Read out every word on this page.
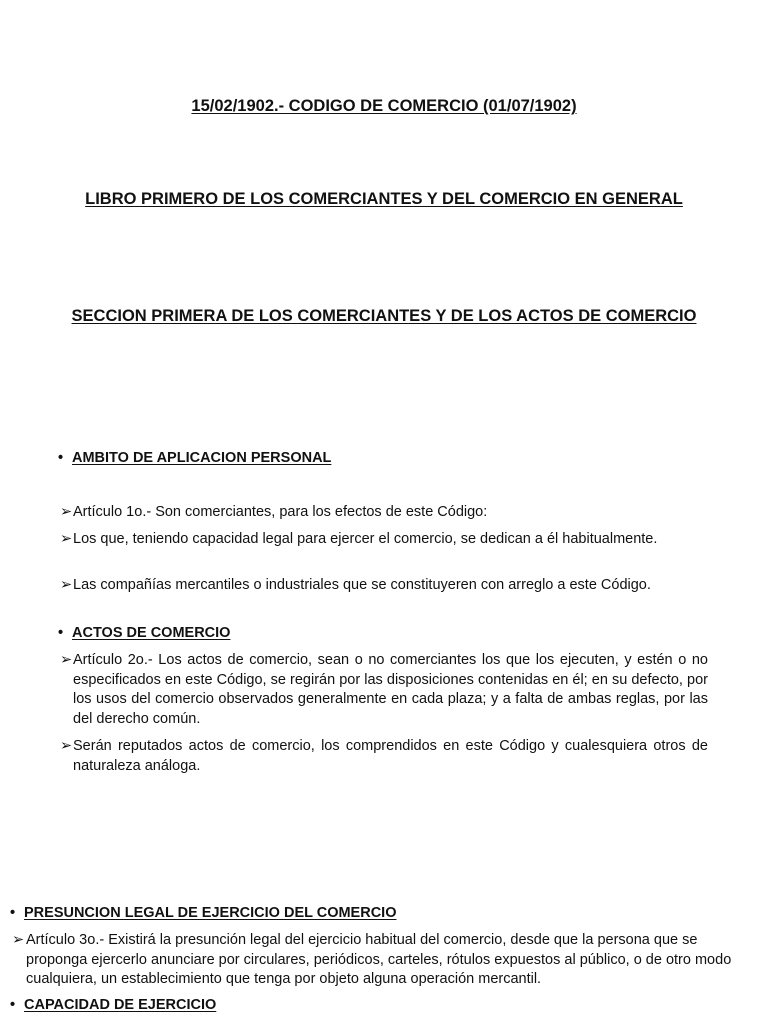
15/02/1902.- CODIGO DE COMERCIO (01/07/1902)
LIBRO PRIMERO DE LOS COMERCIANTES Y DEL COMERCIO EN GENERAL
SECCION PRIMERA DE LOS COMERCIANTES Y DE LOS ACTOS DE COMERCIO
• AMBITO DE APLICACION PERSONAL
➢ Artículo 1o.- Son comerciantes, para los efectos de este Código:
➢ Los que, teniendo capacidad legal para ejercer el comercio, se dedican a él habitualmente.
➢ Las compañías mercantiles o industriales que se constituyeren con arreglo a este Código.
• ACTOS DE COMERCIO
➢ Artículo 2o.- Los actos de comercio, sean o no comerciantes los que los ejecuten, y estén o no especificados en este Código, se regirán por las disposiciones contenidas en él; en su defecto, por los usos del comercio observados generalmente en cada plaza; y a falta de ambas reglas, por las del derecho común.
➢ Serán reputados actos de comercio, los comprendidos en este Código y cualesquiera otros de naturaleza análoga.
• PRESUNCION LEGAL DE EJERCICIO DEL COMERCIO
➢ Artículo 3o.- Existirá la presunción legal del ejercicio habitual del comercio, desde que la persona que se proponga ejercerlo anunciare por circulares, periódicos, carteles, rótulos expuestos al público, o de otro modo cualquiera, un establecimiento que tenga por objeto alguna operación mercantil.
• CAPACIDAD DE EJERCICIO
